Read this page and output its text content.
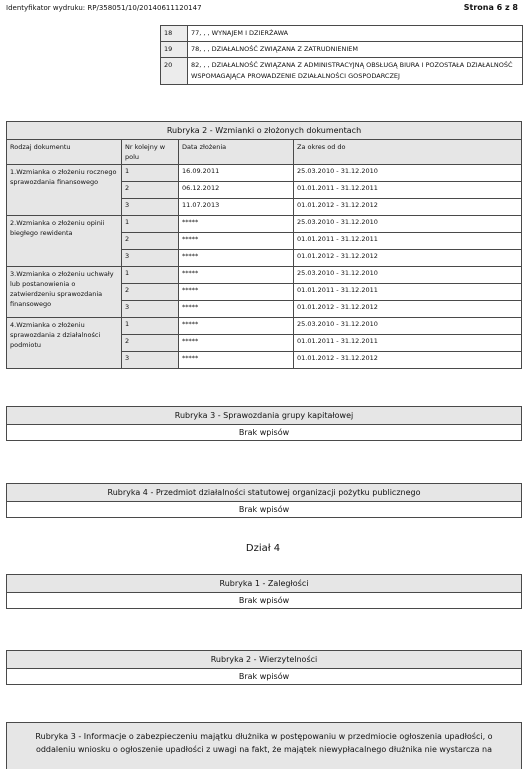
Identyfikator wydruku: RP/358051/10/20140611120147	Strona 6 z 8
18	77, , , WYNAJEM I DZIERŻAWA
19	78, , , DZIAŁALNOŚĆ ZWIĄZANA Z ZATRUDNIENIEM
20	82, , , DZIAŁALNOŚĆ ZWIĄZANA Z ADMINISTRACYJNĄ OBSŁUGĄ BIURA I POZOSTAŁA DZIAŁALNOŚĆ WSPOMAGAJĄCA PROWADZENIE DZIAŁALNOŚCI GOSPODARCZEJ
Rubryka 2 - Wzmianki o złożonych dokumentach			
Rodzaj dokumentu	Nr kolejny w polu	Data złożenia	Za okres od do
1.Wzmianka o złożeniu rocznego sprawozdania finansowego	1	16.09.2011	25.03.2010 - 31.12.2010
	2	06.12.2012	01.01.2011 - 31.12.2011
	3	11.07.2013	01.01.2012 - 31.12.2012
2.Wzmianka o złożeniu opinii biegłego rewidenta	1	*****	25.03.2010 - 31.12.2010
	2	*****	01.01.2011 - 31.12.2011
	3	*****	01.01.2012 - 31.12.2012
3.Wzmianka o złożeniu uchwały lub postanowienia o zatwierdzeniu sprawozdania finansowego	1	*****	25.03.2010 - 31.12.2010
	2	*****	01.01.2011 - 31.12.2011
	3	*****	01.01.2012 - 31.12.2012
4.Wzmianka o złożeniu sprawozdania z działalności podmiotu	1	*****	25.03.2010 - 31.12.2010
	2	*****	01.01.2011 - 31.12.2011
	3	*****	01.01.2012 - 31.12.2012
Rubryka 3 - Sprawozdania grupy kapitałowej
Brak wpisów
Rubryka 4 - Przedmiot działalności statutowej organizacji pożytku publicznego
Brak wpisów
Dział 4
Rubryka 1 - Zaległości
Brak wpisów
Rubryka 2 - Wierzytelności
Brak wpisów
Rubryka 3 - Informacje o zabezpieczeniu majątku dłużnika w postępowaniu w przedmiocie ogłoszenia upadłości, o oddaleniu wniosku o ogłoszenie upadłości z uwagi na fakt, że majątek niewypłacalnego dłużnika nie wystarcza na
